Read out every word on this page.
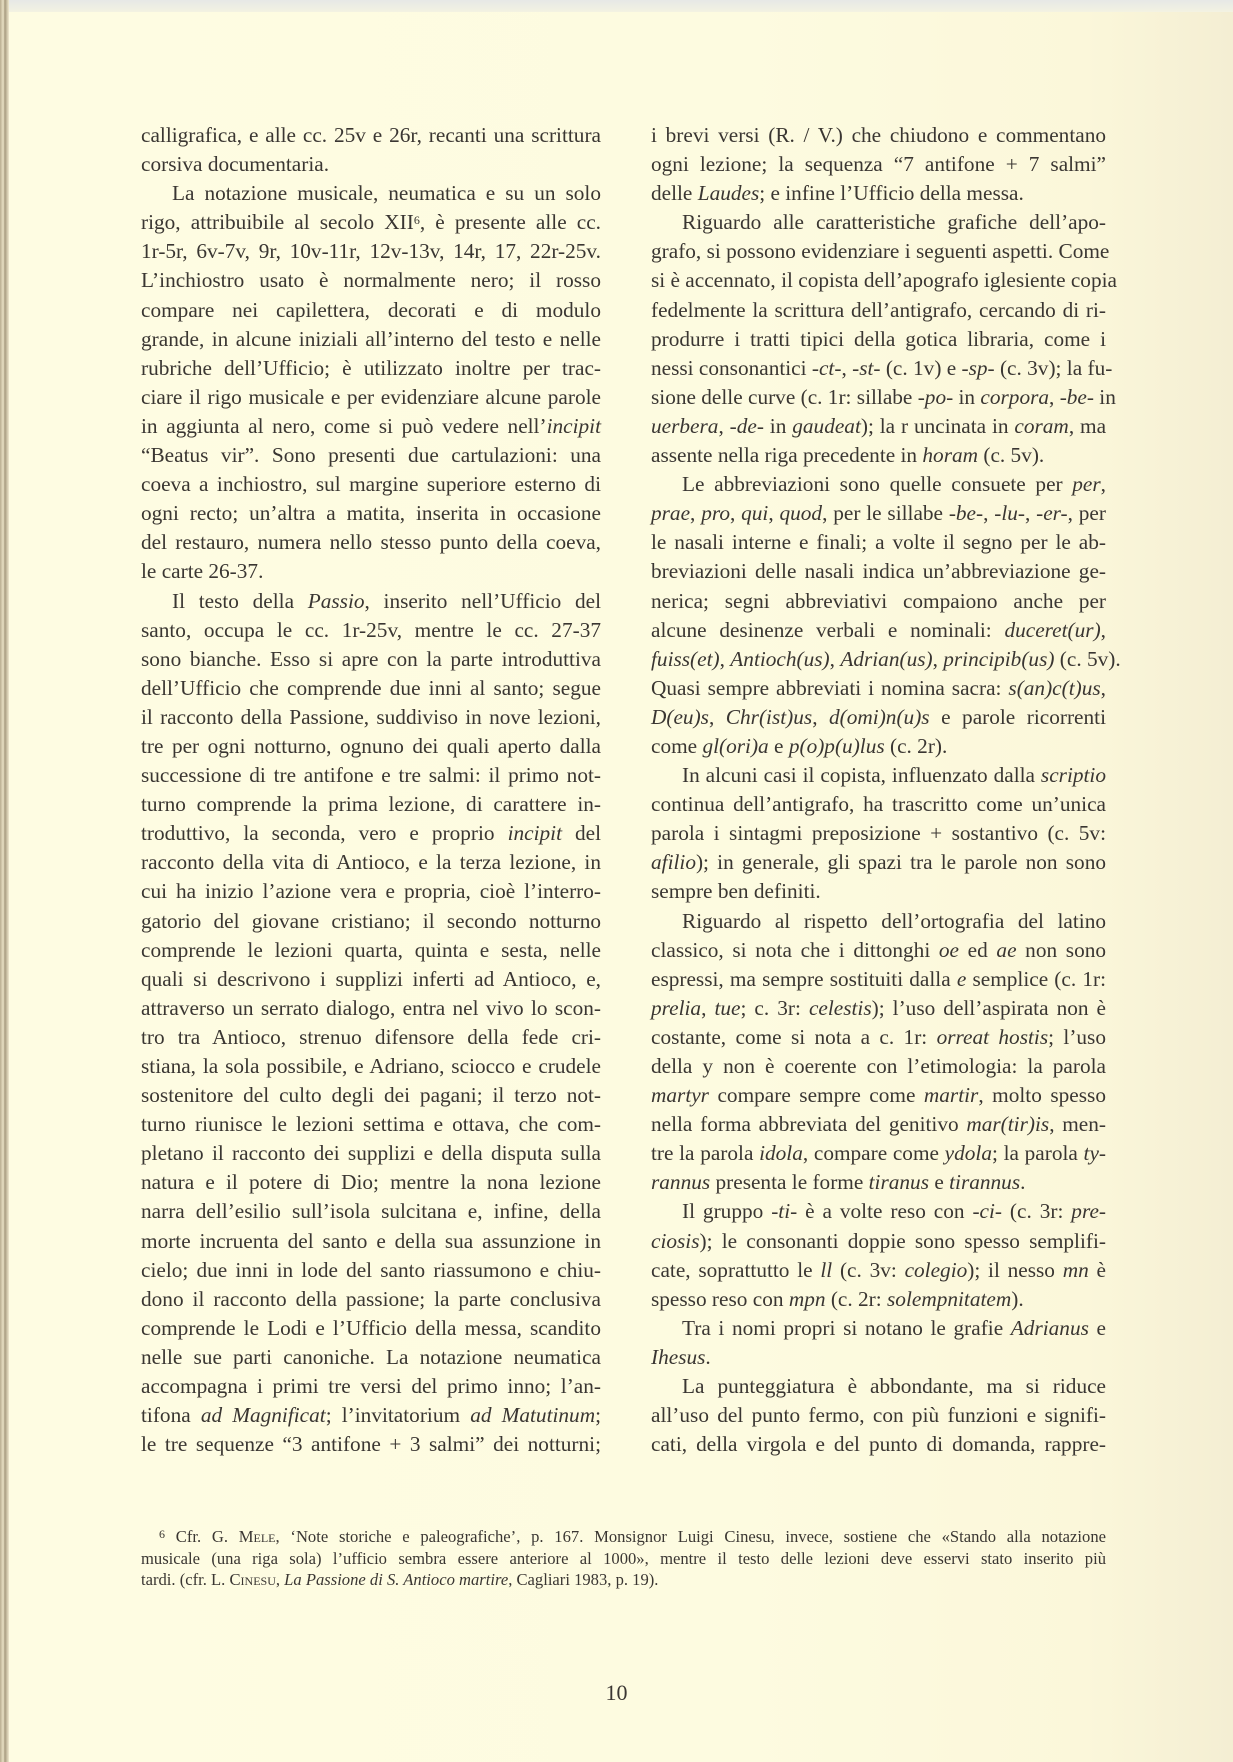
calligrafica, e alle cc. 25v e 26r, recanti una scrittura
corsiva documentaria.
La notazione musicale, neumatica e su un solo
rigo, attribuibile al secolo XII$^6$, è presente alle cc.
1r-5r, 6v-7v, 9r, 10v-11r, 12v-13v, 14r, 17, 22r-25v.
L’inchiostro usato è normalmente nero; il rosso
compare nei capilettera, decorati e di modulo
grande, in alcune iniziali all’interno del testo e nelle
rubriche dell’Ufficio; è utilizzato inoltre per trac-
ciare il rigo musicale e per evidenziare alcune parole
in aggiunta al nero, come si può vedere nell’incipit
“Beatus vir”. Sono presenti due cartulazioni: una
coeva a inchiostro, sul margine superiore esterno di
ogni recto; un’altra a matita, inserita in occasione
del restauro, numera nello stesso punto della coeva,
le carte 26-37.
Il testo della Passio, inserito nell’Ufficio del
santo, occupa le cc. 1r-25v, mentre le cc. 27-37
sono bianche. Esso si apre con la parte introduttiva
dell’Ufficio che comprende due inni al santo; segue
il racconto della Passione, suddiviso in nove lezioni,
tre per ogni notturno, ognuno dei quali aperto dalla
successione di tre antifone e tre salmi: il primo not-
turno comprende la prima lezione, di carattere in-
troduttivo, la seconda, vero e proprio incipit del
racconto della vita di Antioco, e la terza lezione, in
cui ha inizio l’azione vera e propria, cioè l’interro-
gatorio del giovane cristiano; il secondo notturno
comprende le lezioni quarta, quinta e sesta, nelle
quali si descrivono i supplizi inferti ad Antioco, e,
attraverso un serrato dialogo, entra nel vivo lo scon-
tro tra Antioco, strenuo difensore della fede cri-
stiana, la sola possibile, e Adriano, sciocco e crudele
sostenitore del culto degli dei pagani; il terzo not-
turno riunisce le lezioni settima e ottava, che com-
pletano il racconto dei supplizi e della disputa sulla
natura e il potere di Dio; mentre la nona lezione
narra dell’esilio sull’isola sulcitana e, infine, della
morte incruenta del santo e della sua assunzione in
cielo; due inni in lode del santo riassumono e chiu-
dono il racconto della passione; la parte conclusiva
comprende le Lodi e l’Ufficio della messa, scandito
nelle sue parti canoniche. La notazione neumatica
accompagna i primi tre versi del primo inno; l’an-
tifona ad Magnificat; l’invitatorium ad Matutinum;
le tre sequenze “3 antifone + 3 salmi” dei notturni;
i brevi versi (R. / V.) che chiudono e commentano
ogni lezione; la sequenza “7 antifone + 7 salmi”
delle Laudes; e infine l’Ufficio della messa.
Riguardo alle caratteristiche grafiche dell’apo-
grafo, si possono evidenziare i seguenti aspetti. Come
si è accennato, il copista dell’apografo iglesiente copia
fedelmente la scrittura dell’antigrafo, cercando di ri-
produrre i tratti tipici della gotica libraria, come i
nessi consonantici -ct-, -st- (c. 1v) e -sp- (c. 3v); la fu-
sione delle curve (c. 1r: sillabe -po- in corpora, -be- in
uerbera, -de- in gaudeat); la r uncinata in coram, ma
assente nella riga precedente in horam (c. 5v).
Le abbreviazioni sono quelle consuete per per,
prae, pro, qui, quod, per le sillabe -be-, -lu-, -er-, per
le nasali interne e finali; a volte il segno per le ab-
breviazioni delle nasali indica un’abbreviazione ge-
nerica; segni abbreviativi compaiono anche per
alcune desinenze verbali e nominali: duceret(ur),
fuiss(et), Antioch(us), Adrian(us), principib(us) (c. 5v).
Quasi sempre abbreviati i nomina sacra: s(an)c(t)us,
D(eu)s, Chr(ist)us, d(omi)n(u)s e parole ricorrenti
come gl(ori)a e p(o)p(u)lus (c. 2r).
In alcuni casi il copista, influenzato dalla scriptio
continua dell’antigrafo, ha trascritto come un’unica
parola i sintagmi preposizione + sostantivo (c. 5v:
afilio); in generale, gli spazi tra le parole non sono
sempre ben definiti.
Riguardo al rispetto dell’ortografia del latino
classico, si nota che i dittonghi oe ed ae non sono
espressi, ma sempre sostituiti dalla e semplice (c. 1r:
prelia, tue; c. 3r: celestis); l’uso dell’aspirata non è
costante, come si nota a c. 1r: orreat hostis; l’uso
della y non è coerente con l’etimologia: la parola
martyr compare sempre come martir, molto spesso
nella forma abbreviata del genitivo mar(tir)is, men-
tre la parola idola, compare come ydola; la parola ty-
rannus presenta le forme tiranus e tirannus.
Il gruppo -ti- è a volte reso con -ci- (c. 3r: pre-
ciosis); le consonanti doppie sono spesso semplifi-
cate, soprattutto le ll (c. 3v: colegio); il nesso mn è
spesso reso con mpn (c. 2r: solempnitatem).
Tra i nomi propri si notano le grafie Adrianus e
Ihesus.
La punteggiatura è abbondante, ma si riduce
all’uso del punto fermo, con più funzioni e signifi-
cati, della virgola e del punto di domanda, rappre-
$^6$ Cfr. G. Mele, ‘Note storiche e paleografiche’, p. 167. Monsignor Luigi Cinesu, invece, sostiene che «Stando alla notazione
musicale (una riga sola) l’ufficio sembra essere anteriore al 1000», mentre il testo delle lezioni deve esservi stato inserito più
tardi. (cfr. L. Cinesu, La Passione di S. Antioco martire, Cagliari 1983, p. 19).
10
